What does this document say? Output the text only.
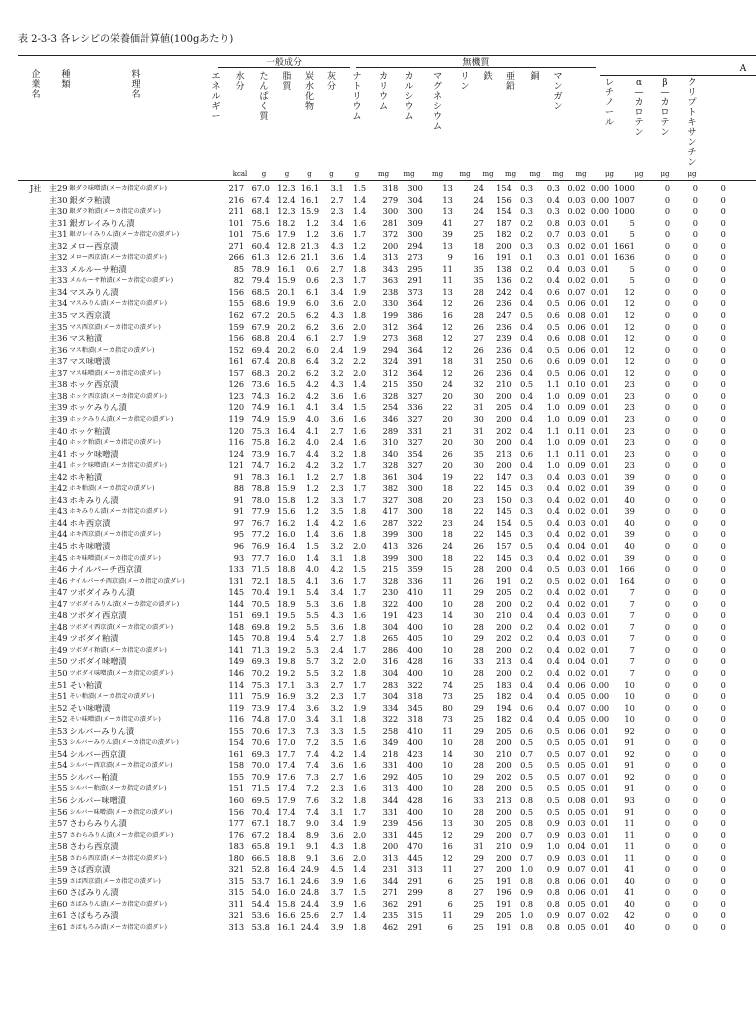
表 2-3-3 各レシピの栄養価計算値(100gあたり)
一般成分	無機質
A
企業名
種類
料理名
エネルギー
水分
たんぱく質
脂質
炭水化物
灰分
ナトリウム
カリウム
カルシウム
マグネシウム
リン
鉄 亜鉛
銅 マンガン
レチノール
α—カロテン
β—カロテン
クリプトキサンチン
kcal	g	g	g	g	g	mg	mg	mg	mg	mg	mg	mg	mg	mg	μg	μg	μg	μg
J社	主29	銀ダラ味噌漬(メーカ指定の漬ダレ)	217	67.0	12.3	16.1	3.1	1.5	318	300	13	24	154	0.3	0.3	0.02	0.00	1000	0	0	0
	主30	銀ダラ粕漬	216	67.4	12.4	16.1	2.7	1.4	279	304	13	24	156	0.3	0.4	0.03	0.00	1007	0	0	0
	主30	銀ダラ粕漬(メーカ指定の漬ダレ)	211	68.1	12.3	15.9	2.3	1.4	300	300	13	24	154	0.3	0.3	0.02	0.00	1000	0	0	0
	主31	銀ガレイみりん漬	101	75.6	18.2	1.2	3.4	1.6	281	309	41	27	187	0.2	0.8	0.03	0.01	5	0	0	0
	主31	銀ガレイみりん漬(メーカ指定の漬ダレ)	101	75.6	17.9	1.2	3.6	1.7	372	300	39	25	182	0.2	0.7	0.03	0.01	5	0	0	0
	主32	メロー西京漬	271	60.4	12.8	21.3	4.3	1.2	200	294	13	18	200	0.3	0.3	0.02	0.01	1661	0	0	0
	主32	メロー西京漬(メーカ指定の漬ダレ)	266	61.3	12.6	21.1	3.6	1.4	313	273	9	16	191	0.1	0.3	0.01	0.01	1636	0	0	0
	主33	メルルーサ粕漬	85	78.9	16.1	0.6	2.7	1.8	343	295	11	35	138	0.2	0.4	0.03	0.01	5	0	0	0
	主33	メルルーサ粕漬(メーカ指定の漬ダレ)	82	79.4	15.9	0.6	2.3	1.7	363	291	11	35	136	0.2	0.4	0.02	0.01	5	0	0	0
	主34	マスみりん漬	156	68.5	20.1	6.1	3.4	1.9	238	373	13	28	242	0.4	0.6	0.07	0.01	12	0	0	0
	主34	マスみりん漬(メーカ指定の漬ダレ)	155	68.6	19.9	6.0	3.6	2.0	330	364	12	26	236	0.4	0.5	0.06	0.01	12	0	0	0
	主35	マス西京漬	162	67.2	20.5	6.2	4.3	1.8	199	386	16	28	247	0.5	0.6	0.08	0.01	12	0	0	0
	主35	マス西京漬(メーカ指定の漬ダレ)	159	67.9	20.2	6.2	3.6	2.0	312	364	12	26	236	0.4	0.5	0.06	0.01	12	0	0	0
	主36	マス粕漬	156	68.8	20.4	6.1	2.7	1.9	273	368	12	27	239	0.4	0.6	0.08	0.01	12	0	0	0
	主36	マス粕漬(メーカ指定の漬ダレ)	152	69.4	20.2	6.0	2.4	1.9	294	364	12	26	236	0.4	0.5	0.06	0.01	12	0	0	0
	主37	マス味噌漬	161	67.4	20.8	6.4	3.2	2.2	324	391	18	31	250	0.6	0.6	0.09	0.01	12	0	0	0
	主37	マス味噌漬(メーカ指定の漬ダレ)	157	68.3	20.2	6.2	3.2	2.0	312	364	12	26	236	0.4	0.5	0.06	0.01	12	0	0	0
	主38	ホッケ西京漬	126	73.6	16.5	4.2	4.3	1.4	215	350	24	32	210	0.5	1.1	0.10	0.01	23	0	0	0
	主38	ホッケ西京漬(メーカ指定の漬ダレ)	123	74.3	16.2	4.2	3.6	1.6	328	327	20	30	200	0.4	1.0	0.09	0.01	23	0	0	0
	主39	ホッケみりん漬	120	74.9	16.1	4.1	3.4	1.5	254	336	22	31	205	0.4	1.0	0.09	0.01	23	0	0	0
	主39	ホッケみりん漬(メーカ指定の漬ダレ)	119	74.9	15.9	4.0	3.6	1.6	346	327	20	30	200	0.4	1.0	0.09	0.01	23	0	0	0
	主40	ホッケ粕漬	120	75.3	16.4	4.1	2.7	1.6	289	331	21	31	202	0.4	1.1	0.11	0.01	23	0	0	0
	主40	ホッケ粕漬(メーカ指定の漬ダレ)	116	75.8	16.2	4.0	2.4	1.6	310	327	20	30	200	0.4	1.0	0.09	0.01	23	0	0	0
	主41	ホッケ味噌漬	124	73.9	16.7	4.4	3.2	1.8	340	354	26	35	213	0.6	1.1	0.11	0.01	23	0	0	0
	主41	ホッケ味噌漬(メーカ指定の漬ダレ)	121	74.7	16.2	4.2	3.2	1.7	328	327	20	30	200	0.4	1.0	0.09	0.01	23	0	0	0
	主42	ホキ粕漬	91	78.3	16.1	1.2	2.7	1.8	361	304	19	22	147	0.3	0.4	0.03	0.01	39	0	0	0
	主42	ホキ粕漬(メーカ指定の漬ダレ)	88	78.8	15.9	1.2	2.3	1.7	382	300	18	22	145	0.3	0.4	0.02	0.01	39	0	0	0
	主43	ホキみりん漬	91	78.0	15.8	1.2	3.3	1.7	327	308	20	23	150	0.3	0.4	0.02	0.01	40	0	0	0
	主43	ホキみりん漬(メーカ指定の漬ダレ)	91	77.9	15.6	1.2	3.5	1.8	417	300	18	22	145	0.3	0.4	0.02	0.01	39	0	0	0
	主44	ホキ西京漬	97	76.7	16.2	1.4	4.2	1.6	287	322	23	24	154	0.5	0.4	0.03	0.01	40	0	0	0
	主44	ホキ西京漬(メーカ指定の漬ダレ)	95	77.2	16.0	1.4	3.6	1.8	399	300	18	22	145	0.3	0.4	0.02	0.01	39	0	0	0
	主45	ホキ味噌漬	96	76.9	16.4	1.5	3.2	2.0	413	326	24	26	157	0.5	0.4	0.04	0.01	40	0	0	0
	主45	ホキ味噌漬(メーカ指定の漬ダレ)	93	77.7	16.0	1.4	3.1	1.8	399	300	18	22	145	0.3	0.4	0.02	0.01	39	0	0	0
	主46	ナイルパーチ西京漬	133	71.5	18.8	4.0	4.2	1.5	215	359	15	28	200	0.4	0.5	0.03	0.01	166	0	0	0
	主46	ナイルパーチ西京漬(メーカ指定の漬ダレ)	131	72.1	18.5	4.1	3.6	1.7	328	336	11	26	191	0.2	0.5	0.02	0.01	164	0	0	0
	主47	ツボダイみりん漬	145	70.4	19.1	5.4	3.4	1.7	230	410	11	29	205	0.2	0.4	0.02	0.01	7	0	0	0
	主47	ツボダイみりん漬(メーカ指定の漬ダレ)	144	70.5	18.9	5.3	3.6	1.8	322	400	10	28	200	0.2	0.4	0.02	0.01	7	0	0	0
	主48	ツボダイ西京漬	151	69.1	19.5	5.5	4.3	1.6	191	423	14	30	210	0.4	0.4	0.03	0.01	7	0	0	0
	主48	ツボダイ西京漬(メーカ指定の漬ダレ)	148	69.8	19.2	5.5	3.6	1.8	304	400	10	28	200	0.2	0.4	0.02	0.01	7	0	0	0
	主49	ツボダイ粕漬	145	70.8	19.4	5.4	2.7	1.8	265	405	10	29	202	0.2	0.4	0.03	0.01	7	0	0	0
	主49	ツボダイ粕漬(メーカ指定の漬ダレ)	141	71.3	19.2	5.3	2.4	1.7	286	400	10	28	200	0.2	0.4	0.02	0.01	7	0	0	0
	主50	ツボダイ味噌漬	149	69.3	19.8	5.7	3.2	2.0	316	428	16	33	213	0.4	0.4	0.04	0.01	7	0	0	0
	主50	ツボダイ味噌漬(メーカ指定の漬ダレ)	146	70.2	19.2	5.5	3.2	1.8	304	400	10	28	200	0.2	0.4	0.02	0.01	7	0	0	0
	主51	そい粕漬	114	75.3	17.1	3.3	2.7	1.7	283	322	74	25	183	0.4	0.4	0.06	0.00	10	0	0	0
	主51	そい粕漬(メーカ指定の漬ダレ)	111	75.9	16.9	3.2	2.3	1.7	304	318	73	25	182	0.4	0.4	0.05	0.00	10	0	0	0
	主52	そい味噌漬	119	73.9	17.4	3.6	3.2	1.9	334	345	80	29	194	0.6	0.4	0.07	0.00	10	0	0	0
	主52	そい味噌漬(メーカ指定の漬ダレ)	116	74.8	17.0	3.4	3.1	1.8	322	318	73	25	182	0.4	0.4	0.05	0.00	10	0	0	0
	主53	シルバーみりん漬	155	70.6	17.3	7.3	3.3	1.5	258	410	11	29	205	0.6	0.5	0.06	0.01	92	0	0	0
	主53	シルバーみりん漬(メーカ指定の漬ダレ)	154	70.6	17.0	7.2	3.5	1.6	349	400	10	28	200	0.5	0.5	0.05	0.01	91	0	0	0
	主54	シルバー西京漬	161	69.3	17.7	7.4	4.2	1.4	218	423	14	30	210	0.7	0.5	0.07	0.01	92	0	0	0
	主54	シルバー西京漬(メーカ指定の漬ダレ)	158	70.0	17.4	7.4	3.6	1.6	331	400	10	28	200	0.5	0.5	0.05	0.01	91	0	0	0
	主55	シルバー粕漬	155	70.9	17.6	7.3	2.7	1.6	292	405	10	29	202	0.5	0.5	0.07	0.01	92	0	0	0
	主55	シルバー粕漬(メーカ指定の漬ダレ)	151	71.5	17.4	7.2	2.3	1.6	313	400	10	28	200	0.5	0.5	0.05	0.01	91	0	0	0
	主56	シルバー味噌漬	160	69.5	17.9	7.6	3.2	1.8	344	428	16	33	213	0.8	0.5	0.08	0.01	93	0	0	0
	主56	シルバー味噌漬(メーカ指定の漬ダレ)	156	70.4	17.4	7.4	3.1	1.7	331	400	10	28	200	0.5	0.5	0.05	0.01	91	0	0	0
	主57	さわらみりん漬	177	67.1	18.7	9.0	3.4	1.9	239	456	13	30	205	0.8	0.9	0.03	0.01	11	0	0	0
	主57	さわらみりん漬(メーカ指定の漬ダレ)	176	67.2	18.4	8.9	3.6	2.0	331	445	12	29	200	0.7	0.9	0.03	0.01	11	0	0	0
	主58	さわら西京漬	183	65.8	19.1	9.1	4.3	1.8	200	470	16	31	210	0.9	1.0	0.04	0.01	11	0	0	0
	主58	さわら西京漬(メーカ指定の漬ダレ)	180	66.5	18.8	9.1	3.6	2.0	313	445	12	29	200	0.7	0.9	0.03	0.01	11	0	0	0
	主59	さば西京漬	321	52.8	16.4	24.9	4.5	1.4	231	313	11	27	200	1.0	0.9	0.07	0.01	41	0	0	0
	主59	さば西京漬(メーカ指定の漬ダレ)	315	53.7	16.1	24.6	3.9	1.6	344	291	6	25	191	0.8	0.8	0.06	0.01	40	0	0	0
	主60	さばみりん漬	315	54.0	16.0	24.8	3.7	1.5	271	299	8	27	196	0.9	0.8	0.06	0.01	41	0	0	0
	主60	さばみりん漬(メーカ指定の漬ダレ)	311	54.4	15.8	24.4	3.9	1.6	362	291	6	25	191	0.8	0.8	0.05	0.01	40	0	0	0
	主61	さばもろみ漬	321	53.6	16.6	25.6	2.7	1.4	235	315	11	29	205	1.0	0.9	0.07	0.02	42	0	0	0
	主61	さばもろみ漬(メーカ指定の漬ダレ)	313	53.8	16.1	24.4	3.9	1.8	462	291	6	25	191	0.8	0.8	0.05	0.01	40	0	0	0
